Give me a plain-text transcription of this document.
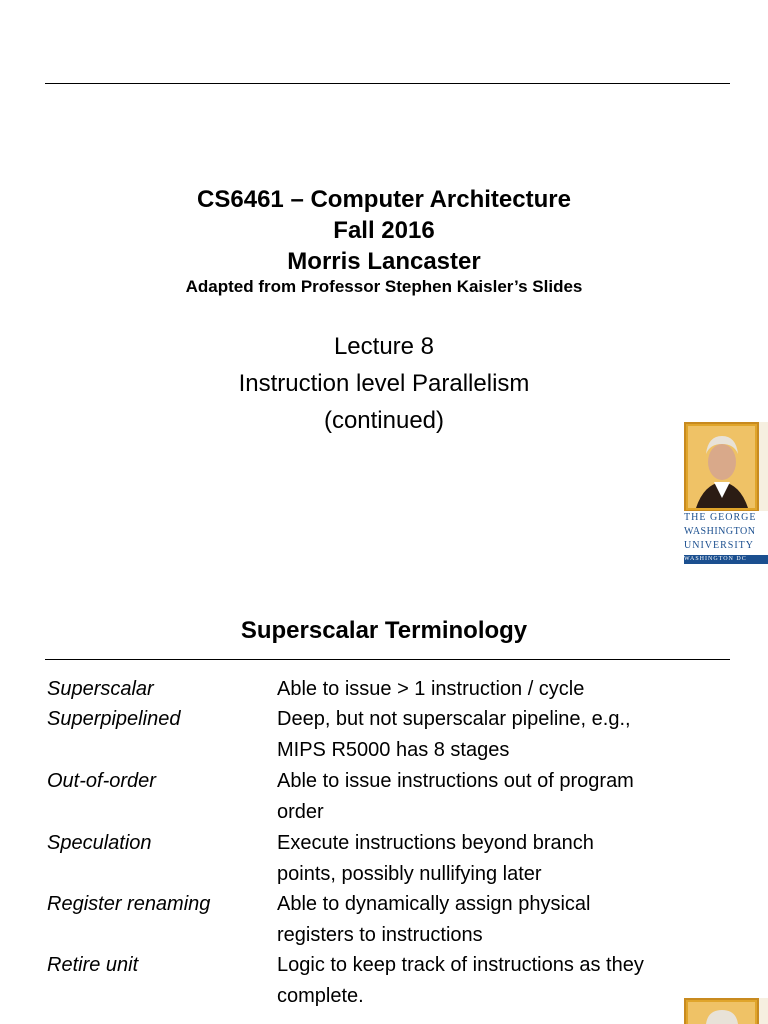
CS6461 – Computer Architecture
Fall 2016
Morris Lancaster
Adapted from Professor Stephen Kaisler’s Slides
Lecture 8
Instruction level Parallelism
(continued)
THE GEORGE
WASHINGTON
UNIVERSITY
WASHINGTON DC
Superscalar Terminology
Superscalar	Able to issue > 1 instruction / cycle
Superpipelined	Deep, but not superscalar pipeline, e.g., MIPS R5000 has 8 stages
Out-of-order	Able to issue instructions out of program order
Speculation	Execute instructions beyond branch points, possibly nullifying later
Register renaming	Able to dynamically assign physical registers to instructions
Retire unit	Logic to keep track of instructions as they complete.
